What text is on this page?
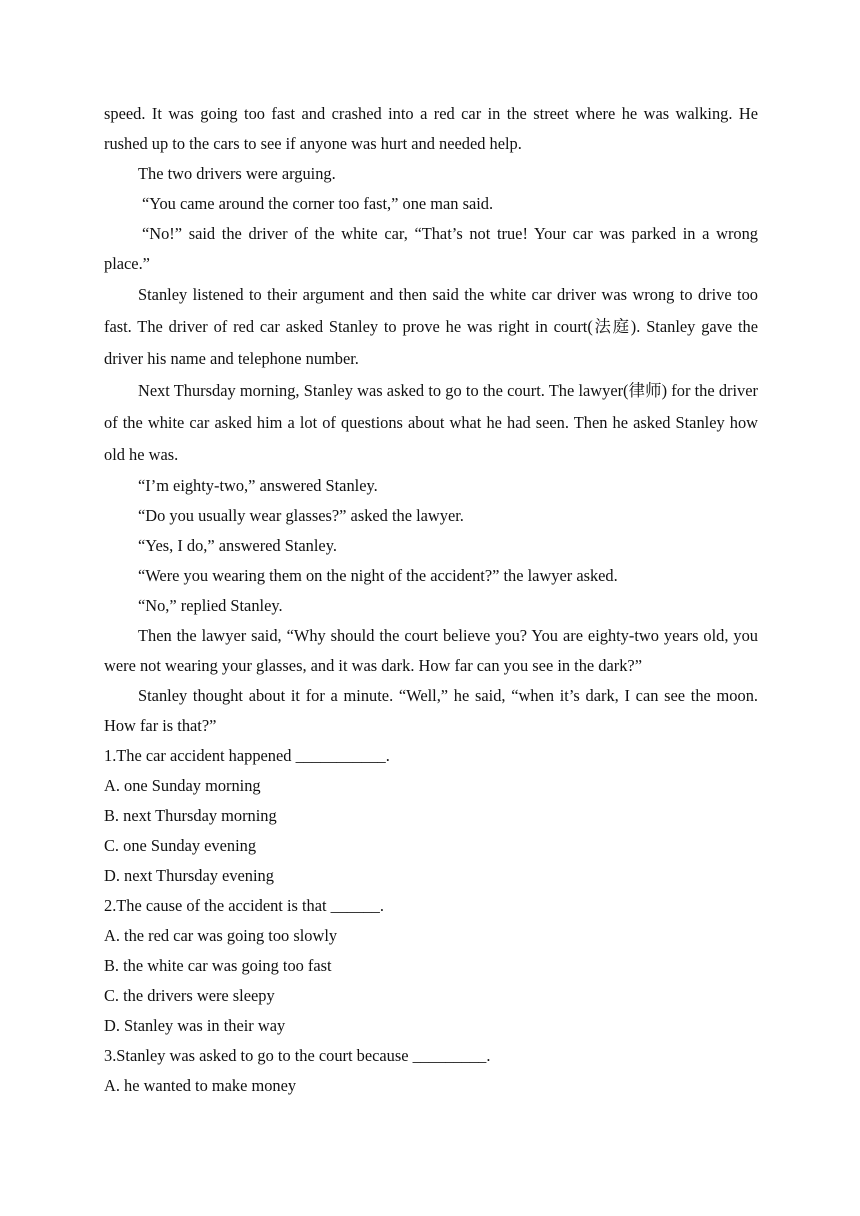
speed. It was going too fast and crashed into a red car in the street where he was walking. He rushed up to the cars to see if anyone was hurt and needed help.

The two drivers were arguing.

“You came around the corner too fast,” one man said.

“No!” said the driver of the white car, “That’s not true! Your car was parked in a wrong place.”

Stanley listened to their argument and then said the white car driver was wrong to drive too fast. The driver of red car asked Stanley to prove he was right in court(法庭). Stanley gave the driver his name and telephone number.

Next Thursday morning, Stanley was asked to go to the court. The lawyer(律师) for the driver of the white car asked him a lot of questions about what he had seen. Then he asked Stanley how old he was.

“I’m eighty-two,” answered Stanley.

“Do you usually wear glasses?” asked the lawyer.

“Yes, I do,” answered Stanley.

“Were you wearing them on the night of the accident?” the lawyer asked.

“No,” replied Stanley.

Then the lawyer said, “Why should the court believe you? You are eighty-two years old, you were not wearing your glasses, and it was dark. How far can you see in the dark?”

Stanley thought about it for a minute. “Well,” he said, “when it’s dark, I can see the moon. How far is that?”

1.The car accident happened ___________.

A. one Sunday morning

B. next Thursday morning

C. one Sunday evening

D. next Thursday evening

2.The cause of the accident is that ______.

A. the red car was going too slowly

B. the white car was going too fast

C. the drivers were sleepy

D. Stanley was in their way

3.Stanley was asked to go to the court because _________.

A. he wanted to make money
